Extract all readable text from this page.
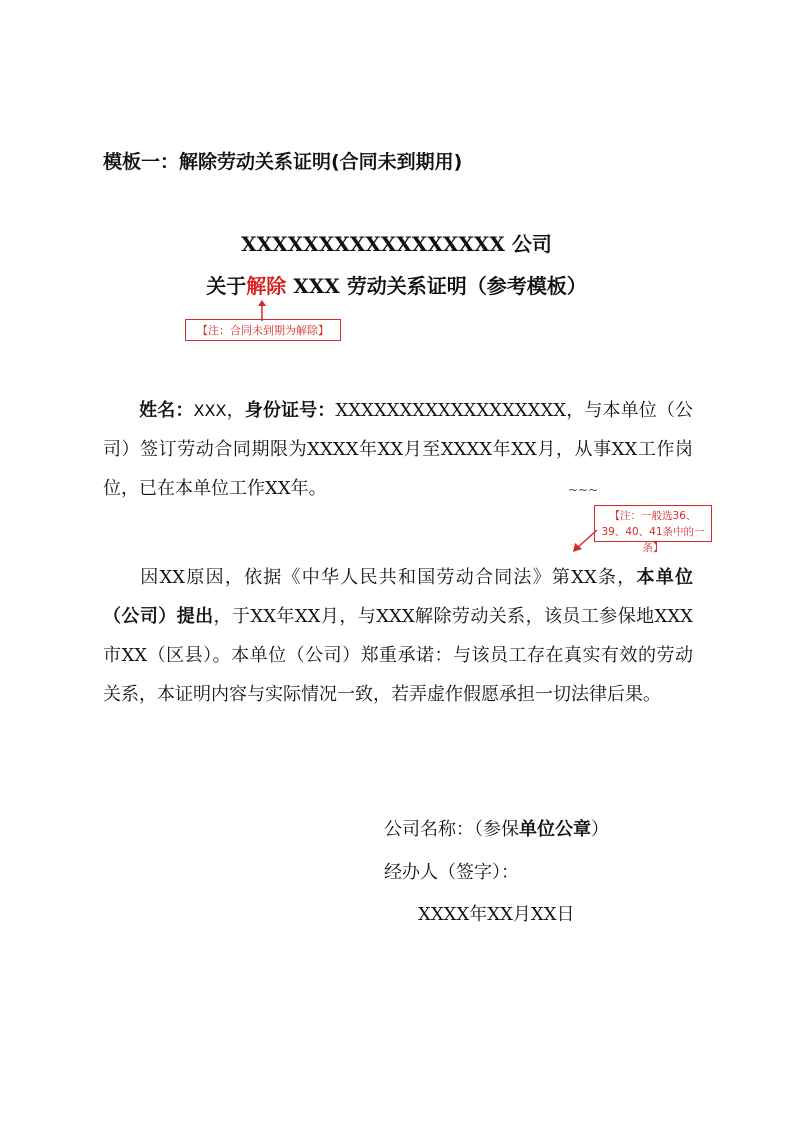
模板一：解除劳动关系证明(合同未到期用)
XXXXXXXXXXXXXXXXX 公司
关于解除 XXX 劳动关系证明（参考模板）
【注：合同未到期为解除】
  姓名：XXX，身份证号：XXXXXXXXXXXXXXXXXX，与本单位（公司）签订劳动合同期限为XXXX年XX月至XXXX年XX月，从事XX工作岗位，已在本单位工作XX年。	~~~
【注：一般选36、39、40、41条中的一条】
  因XX原因，依据《中华人民共和国劳动合同法》第XX条，本单位（公司）提出，于XX年XX月，与XXX解除劳动关系，该员工参保地XXX市XX（区县）。本单位（公司）郑重承诺：与该员工存在真实有效的劳动关系，本证明内容与实际情况一致，若弄虚作假愿承担一切法律后果。
公司名称：（参保单位公章）
经办人（签字）：
XXXX年XX月XX日
